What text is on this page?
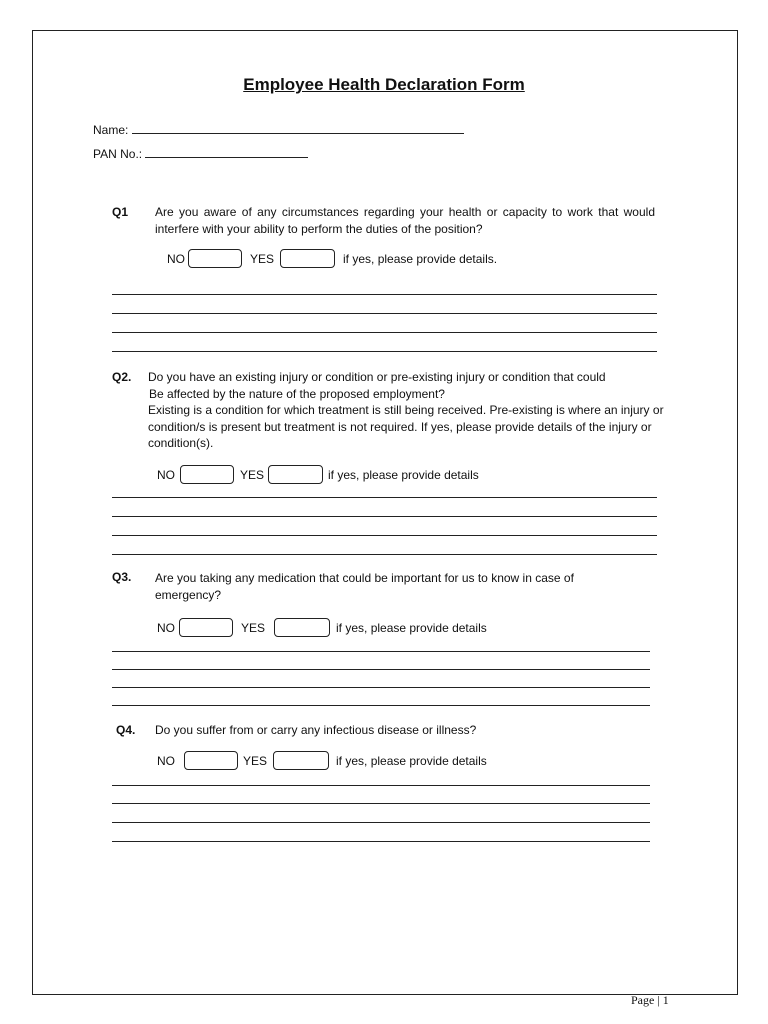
Employee Health Declaration Form
Name:
PAN No.:
Q1 Are you aware of any circumstances regarding your health or capacity to work that would interfere with your ability to perform the duties of the position?
NO	YES	if yes, please provide details.
Q2. Do you have an existing injury or condition or pre-existing injury or condition that could
Be affected by the nature of the proposed employment?
Existing is a condition for which treatment is still being received. Pre-existing is where an injury or condition/s is present but treatment is not required. If yes, please provide details of the injury or condition(s).
NO	YES	if yes, please provide details
Q3. Are you taking any medication that could be important for us to know in case of emergency?
NO	YES	if yes, please provide details
Q4. Do you suffer from or carry any infectious disease or illness?
NO	YES	if yes, please provide details
Page | 1
